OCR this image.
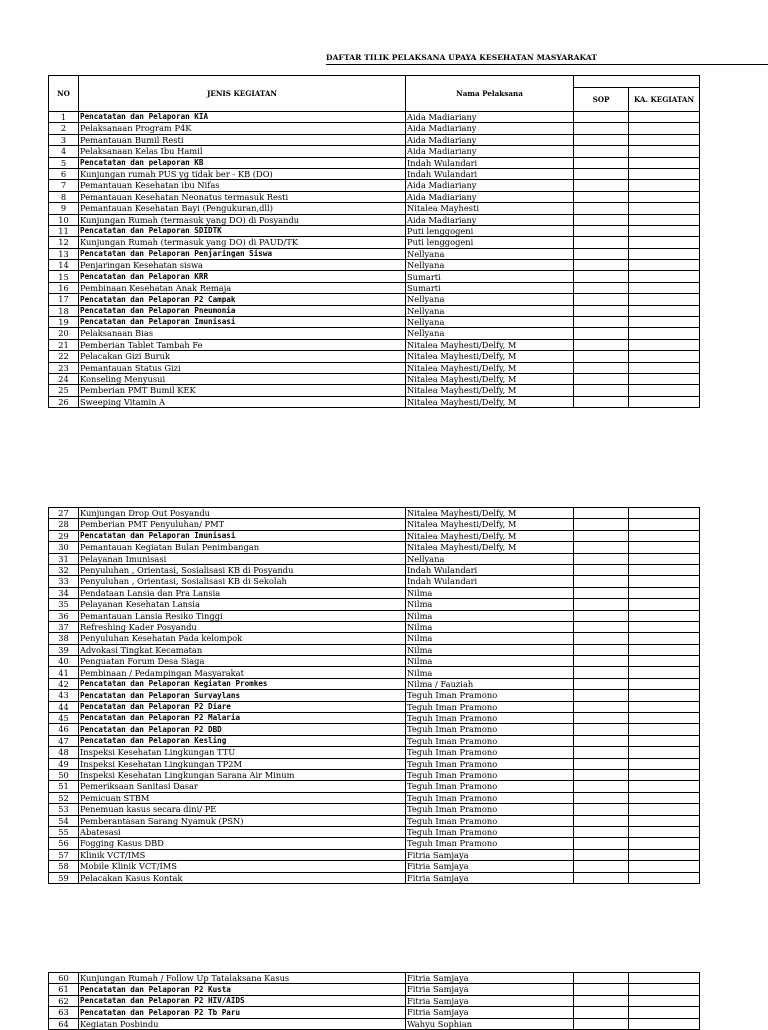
DAFTAR TILIK PELAKSANA UPAYA KESEHATAN MASYARAKAT
NO	JENIS KEGIATAN	Nama Pelaksana		
			SOP	KA. KEGIATAN
1	Pencatatan dan Pelaporan KIA	Aida Madiariany		
2	Pelaksanaan Program P4K	Aida Madiariany		
3	Pemantauan Bumil Resti	Aida Madiariany		
4	Pelaksanaan Kelas Ibu Hamil	Aida Madiariany		
5	Pencatatan dan pelaporan KB	Indah Wulandari		
6	Kunjungan rumah PUS yg tidak ber - KB (DO)	Indah Wulandari		
7	Pemantauan Kesehatan ibu Nifas	Aida Madiariany		
8	Pemantauan Kesehatan Neonatus termasuk Resti	Aida Madiariany		
9	Pemantauan Kesehatan Bayi (Pengukuran,dll)	Nitalea Mayhesti		
10	Kunjungan Rumah (termasuk yang DO) di Posyandu	Aida Madiariany		
11	Pencatatan dan Pelaporan SDIDTK	Puti lenggogeni		
12	Kunjungan Rumah (termasuk yang DO) di PAUD/TK	Puti lenggogeni		
13	Pencatatan dan Pelaporan Penjaringan Siswa	Nellyana		
14	Penjaringan Kesehatan siswa	Nellyana		
15	Pencatatan dan Pelaporan KRR	Sumarti		
16	Pembinaan Kesehatan Anak Remaja	Sumarti		
17	Pencatatan dan Pelaporan P2 Campak	Nellyana		
18	Pencatatan dan Pelaporan Pneumonia	Nellyana		
19	Pencatatan dan Pelaporan Imunisasi	Nellyana		
20	Pelaksanaan Bias	Nellyana		
21	Pemberian Tablet Tambah Fe	Nitalea Mayhesti/Delfy, M		
22	Pelacakan Gizi Buruk	Nitalea Mayhesti/Delfy, M		
23	Pemantauan Status Gizi	Nitalea Mayhesti/Delfy, M		
24	Konseling Menyusui	Nitalea Mayhesti/Delfy, M		
25	Pemberian PMT Bumil KEK	Nitalea Mayhesti/Delfy, M		
26	Sweeping Vitamin A	Nitalea Mayhesti/Delfy, M		
27	Kunjungan Drop Out Posyandu	Nitalea Mayhesti/Delfy, M		
28	Pemberian PMT Penyuluhan/ PMT	Nitalea Mayhesti/Delfy, M		
29	Pencatatan dan Pelaporan Imunisasi	Nitalea Mayhesti/Delfy, M		
30	Pemantauan Kegiatan Bulan Penimbangan	Nitalea Mayhesti/Delfy, M		
31	Pelayanan Imunisasi	Nellyana		
32	Penyuluhan , Orientasi, Sosialisasi KB di Posyandu	Indah Wulandari		
33	Penyuluhan , Orientasi, Sosialisasi KB di Sekolah	Indah Wulandari		
34	Pendataan Lansia dan Pra Lansia	Nilma		
35	Pelayanan Kesehatan Lansia	Nilma		
36	Pemantauan Lansia Resiko Tinggi	Nilma		
37	Refreshing Kader Posyandu	Nilma		
38	Penyuluhan Kesehatan Pada kelompok	Nilma		
39	Advokasi Tingkat Kecamatan	Nilma		
40	Penguatan Forum Desa Siaga	Nilma		
41	Pembinaan / Pedampingan Masyarakat	Nilma		
42	Pencatatan dan Pelaporan Kegiatan Promkes	Nilma / Fauziah		
43	Pencatatan dan Pelaporan Survaylans	Teguh Iman Pramono		
44	Pencatatan dan Pelaporan P2 Diare	Teguh Iman Pramono		
45	Pencatatan dan Pelaporan P2 Malaria	Teguh Iman Pramono		
46	Pencatatan dan Pelaporan P2 DBD	Teguh Iman Pramono		
47	Pencatatan dan Pelaporan Kesling	Teguh Iman Pramono		
48	Inspeksi Kesehatan Lingkungan TTU	Teguh Iman Pramono		
49	Inspeksi Kesehatan Lingkungan TP2M	Teguh Iman Pramono		
50	Inspeksi Kesehatan Lingkungan Sarana Air Minum	Teguh Iman Pramono		
51	Pemeriksaan Sanitasi Dasar	Teguh Iman Pramono		
52	Pemicuan STBM	Teguh Iman Pramono		
53	Penemuan kasus secara dini/ PE	Teguh Iman Pramono		
54	Pemberantasan Sarang Nyamuk (PSN)	Teguh Iman Pramono		
55	Abatesasi	Teguh Iman Pramono		
56	Fogging Kasus DBD	Teguh Iman Pramono		
57	Klinik VCT/IMS	Fitria Samjaya		
58	Mobile Klinik VCT/IMS	Fitria Samjaya		
59	Pelacakan Kasus Kontak	Fitria Samjaya		
60	Kunjungan Rumah / Follow Up Tatalaksana Kasus	Fitria Samjaya		
61	Pencatatan dan Pelaporan P2 Kusta	Fitria Samjaya		
62	Pencatatan dan Pelaporan P2 HIV/AIDS	Fitria Samjaya		
63	Pencatatan dan Pelaporan P2 Tb Paru	Fitria Samjaya		
64	Kegiatan Posbindu	Wahyu Sophian		
